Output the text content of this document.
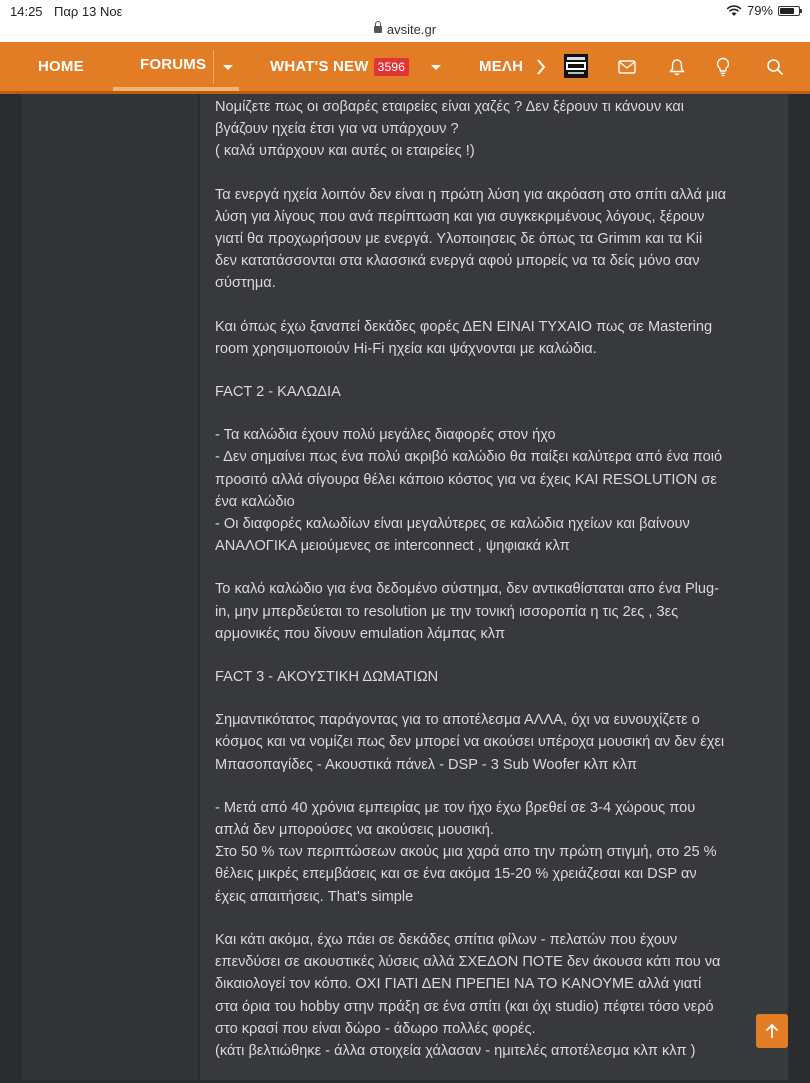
14:25 Παρ 13 Νοε
avsite.gr
79%
HOME	FORUMS	WHAT'S NEW 3596	ΜΕΛΗ

Νομίζετε πως οι σοβαρές εταιρείες είναι χαζές ? Δεν ξέρουν τι κάνουν και
βγάζουν ηχεία έτσι για να υπάρχουν ?
( καλά υπάρχουν και αυτές οι εταιρείες !)

Τα ενεργά ηχεία λοιπόν δεν είναι η πρώτη λύση για ακρόαση στο σπίτι αλλά μια
λύση για λίγους που ανά περίπτωση και για συγκεκριμένους λόγους, ξέρουν
γιατί θα προχωρήσουν με ενεργά. Υλοποιησεις δε όπως τα Grimm και τα Kii
δεν κατατάσσονται στα κλασσικά ενεργά αφού μπορείς να τα δείς μόνο σαν
σύστημα.

Και όπως έχω ξαναπεί δεκάδες φορές ΔΕΝ ΕΙΝΑΙ ΤΥΧΑΙΟ πως σε Mastering
room χρησιμοποιούν Hi-Fi ηχεία και ψάχνονται με καλώδια.

FACT 2 - ΚΑΛΩΔΙΑ

- Τα καλώδια έχουν πολύ μεγάλες διαφορές στον ήχο
- Δεν σημαίνει πως ένα πολύ ακριβό καλώδιο θα παίξει καλύτερα από ένα ποιό
προσιτό αλλά σίγουρα θέλει κάποιο κόστος για να έχεις ΚΑΙ RESOLUTION σε
ένα καλώδιο
- Οι διαφορές καλωδίων είναι μεγαλύτερες σε καλώδια ηχείων και βαίνουν
ΑΝΑΛΟΓΙΚΑ μειούμενες σε interconnect , ψηφιακά κλπ

Το καλό καλώδιο για ένα δεδομένο σύστημα, δεν αντικαθίσταται απο ένα Plug-
in, μην μπερδεύεται το resolution με την τονική ισσοροπία η τις 2ες , 3ες
αρμονικές που δίνουν emulation λάμπας κλπ

FACT 3 - ΑΚΟΥΣΤΙΚΗ ΔΩΜΑΤΙΩΝ

Σημαντικότατος παράγοντας για το αποτέλεσμα ΑΛΛΑ, όχι να ευνουχίζετε ο
κόσμος και να νομίζει πως δεν μπορεί να ακούσει υπέροχα μουσική αν δεν έχει
Μπασοπαγίδες - Ακουστικά πάνελ - DSP - 3 Sub Woofer κλπ κλπ

- Μετά από 40 χρόνια εμπειρίας με τον ήχο έχω βρεθεί σε 3-4 χώρους που
απλά δεν μπορούσες να ακούσεις μουσική.
Στο 50 % των περιπτώσεων ακούς μια χαρά απο την πρώτη στιγμή, στο 25 %
θέλεις μικρές επεμβάσεις και σε ένα ακόμα 15-20 % χρειάζεσαι και DSP αν
έχεις απαιτήσεις. That's simple

Και κάτι ακόμα, έχω πάει σε δεκάδες σπίτια φίλων - πελατών που έχουν
επενδύσει σε ακουστικές λύσεις αλλά ΣΧΕΔΟΝ ΠΟΤΕ δεν άκουσα κάτι που να
δικαιολογεί τον κόπο. ΟΧΙ ΓΙΑΤΙ ΔΕΝ ΠΡΕΠΕΙ ΝΑ ΤΟ ΚΑΝΟΥΜΕ αλλά γιατί
στα όρια του hobby στην πράξη σε ένα σπίτι (και όχι studio) πέφτει τόσο νερό
στο κρασί που είναι δώρο - άδωρο πολλές φορές.
(κάτι βελτιώθηκε - άλλα στοιχεία χάλασαν - ημιτελές αποτέλεσμα κλπ κλπ )
